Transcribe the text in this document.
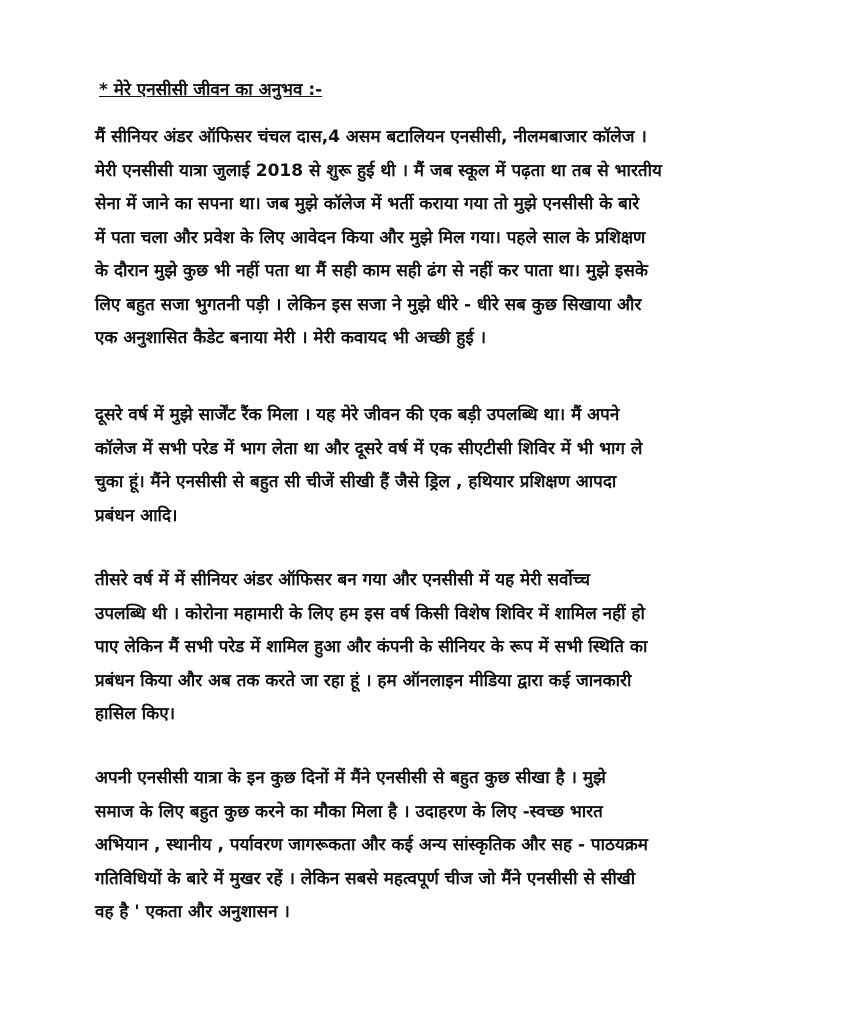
* मेरे एनसीसी जीवन का अनुभव :-
मैं सीनियर अंडर ऑफिसर चंचल दास,4 असम बटालियन एनसीसी, नीलमबाजार कॉलेज ।
मेरी एनसीसी यात्रा जुलाई 2018 से शुरू हुई थी । मैं जब स्कूल में पढ़ता था तब से भारतीय
सेना में जाने का सपना था। जब मुझे कॉलेज में भर्ती कराया गया तो मुझे एनसीसी के बारे
में पता चला और प्रवेश के लिए आवेदन किया और मुझे मिल गया। पहले साल के प्रशिक्षण
के दौरान मुझे कुछ भी नहीं पता था मैं सही काम सही ढंग से नहीं कर पाता था। मुझे इसके
लिए बहुत सजा भुगतनी पड़ी । लेकिन इस सजा ने मुझे धीरे - धीरे सब कुछ सिखाया और
एक अनुशासित कैडेट बनाया मेरी । मेरी कवायद भी अच्छी हुई ।
दूसरे वर्ष में मुझे सार्जेंट रैंक मिला । यह मेरे जीवन की एक बड़ी उपलब्धि था। मैं अपने
कॉलेज में सभी परेड में भाग लेता था और दूसरे वर्ष में एक सीएटीसी शिविर में भी भाग ले
चुका हूं। मैंने एनसीसी से बहुत सी चीजें सीखी हैं जैसे ड्रिल , हथियार प्रशिक्षण आपदा
प्रबंधन आदि।
तीसरे वर्ष में में सीनियर अंडर ऑफिसर बन गया और एनसीसी में यह मेरी सर्वोच्च
उपलब्धि थी । कोरोना महामारी के लिए हम इस वर्ष किसी विशेष शिविर में शामिल नहीं हो
पाए लेकिन मैं सभी परेड में शामिल हुआ और कंपनी के सीनियर के रूप में सभी स्थिति का
प्रबंधन किया और अब तक करते जा रहा हूं । हम ऑनलाइन मीडिया द्वारा कई जानकारी
हासिल किए।
अपनी एनसीसी यात्रा के इन कुछ दिनों में मैंने एनसीसी से बहुत कुछ सीखा है । मुझे
समाज के लिए बहुत कुछ करने का मौका मिला है । उदाहरण के लिए -स्वच्छ भारत
अभियान , स्थानीय , पर्यावरण जागरूकता और कई अन्य सांस्कृतिक और सह - पाठयक्रम
गतिविधियों के बारे में मुखर रहें । लेकिन सबसे महत्वपूर्ण चीज जो मैंने एनसीसी से सीखी
वह है ' एकता और अनुशासन ।
